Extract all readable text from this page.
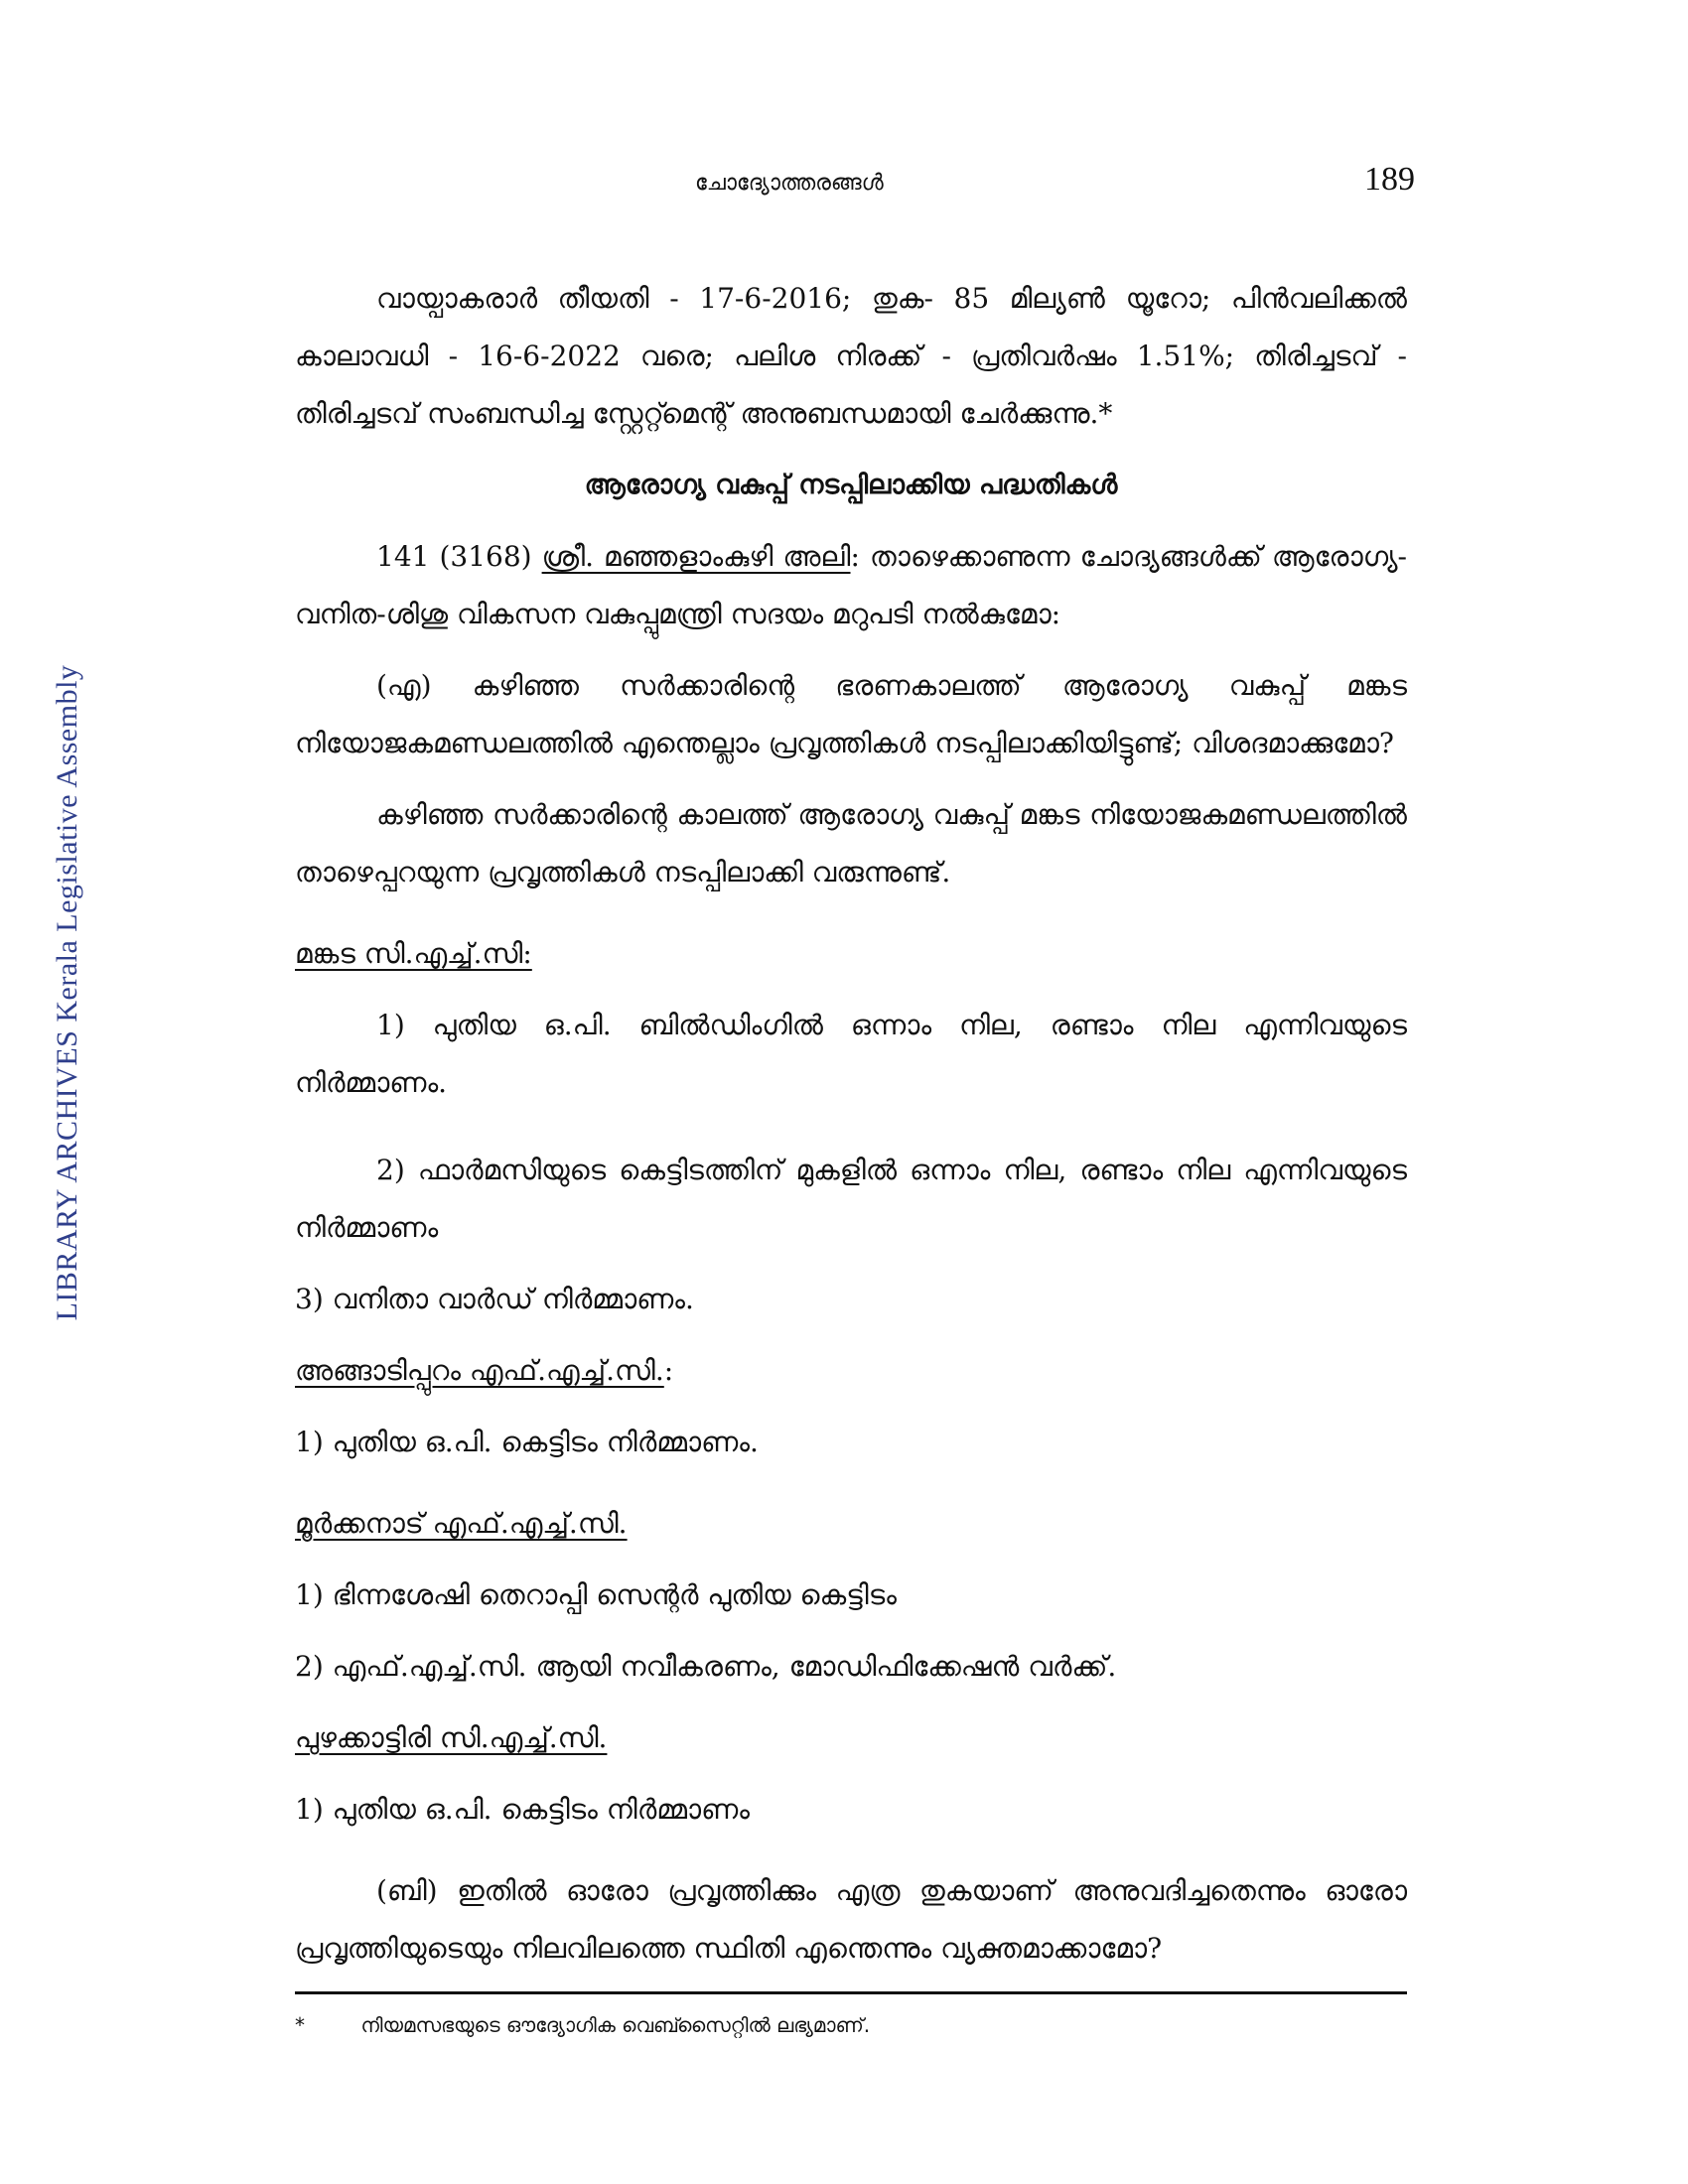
LIBRARY ARCHIVES Kerala Legislative Assembly
ചോദ്യോത്തരങ്ങൾ	189

വായ്പാകരാർ തീയതി - 17-6-2016; തുക- 85 മില്യൺ യൂറോ; പിൻവലിക്കൽ കാലാവധി - 16-6-2022 വരെ; പലിശ നിരക്ക് - പ്രതിവർഷം 1.51%; തിരിച്ചടവ് - തിരിച്ചടവ് സംബന്ധിച്ച സ്റ്റേറ്റ്മെന്റ് അനുബന്ധമായി ചേർക്കുന്നു.*

ആരോഗ്യ വകുപ്പ് നടപ്പിലാക്കിയ പദ്ധതികൾ

141 (3168) ശ്രീ. മഞ്ഞളാംകുഴി അലി: താഴെക്കാണുന്ന ചോദ്യങ്ങൾക്ക് ആരോഗ്യ-വനിത-ശിശു വികസന വകുപ്പുമന്ത്രി സദയം മറുപടി നൽകുമോ:

(എ) കഴിഞ്ഞ സർക്കാരിന്റെ ഭരണകാലത്ത് ആരോഗ്യ വകുപ്പ് മങ്കട നിയോജകമണ്ഡലത്തിൽ എന്തെല്ലാം പ്രവൃത്തികൾ നടപ്പിലാക്കിയിട്ടുണ്ട്; വിശദമാക്കുമോ?

കഴിഞ്ഞ സർക്കാരിന്റെ കാലത്ത് ആരോഗ്യ വകുപ്പ് മങ്കട നിയോജകമണ്ഡലത്തിൽ താഴെപ്പറയുന്ന പ്രവൃത്തികൾ നടപ്പിലാക്കി വരുന്നുണ്ട്.

മങ്കട സി.എച്ച്.സി:

1) പുതിയ ഒ.പി. ബിൽഡിംഗിൽ ഒന്നാം നില, രണ്ടാം നില എന്നിവയുടെ നിർമ്മാണം.

2) ഫാർമസിയുടെ കെട്ടിടത്തിന് മുകളിൽ ഒന്നാം നില, രണ്ടാം നില എന്നിവയുടെ നിർമ്മാണം

3) വനിതാ വാർഡ് നിർമ്മാണം.

അങ്ങാടിപ്പുറം എഫ്.എച്ച്.സി.:

1) പുതിയ ഒ.പി. കെട്ടിടം നിർമ്മാണം.

മൂർക്കനാട് എഫ്.എച്ച്.സി.

1) ഭിന്നശേഷി തെറാപ്പി സെന്റർ പുതിയ കെട്ടിടം

2) എഫ്.എച്ച്.സി. ആയി നവീകരണം, മോഡിഫിക്കേഷൻ വർക്ക്.

പുഴക്കാട്ടിരി സി.എച്ച്.സി.

1) പുതിയ ഒ.പി. കെട്ടിടം നിർമ്മാണം

(ബി) ഇതിൽ ഓരോ പ്രവൃത്തിക്കും എത്ര തുകയാണ് അനുവദിച്ചതെന്നും ഓരോ പ്രവൃത്തിയുടെയും നിലവിലത്തെ സ്ഥിതി എന്തെന്നും വ്യക്തമാക്കാമോ?

*	നിയമസഭയുടെ ഔദ്യോഗിക വെബ്സൈറ്റിൽ ലഭ്യമാണ്.
